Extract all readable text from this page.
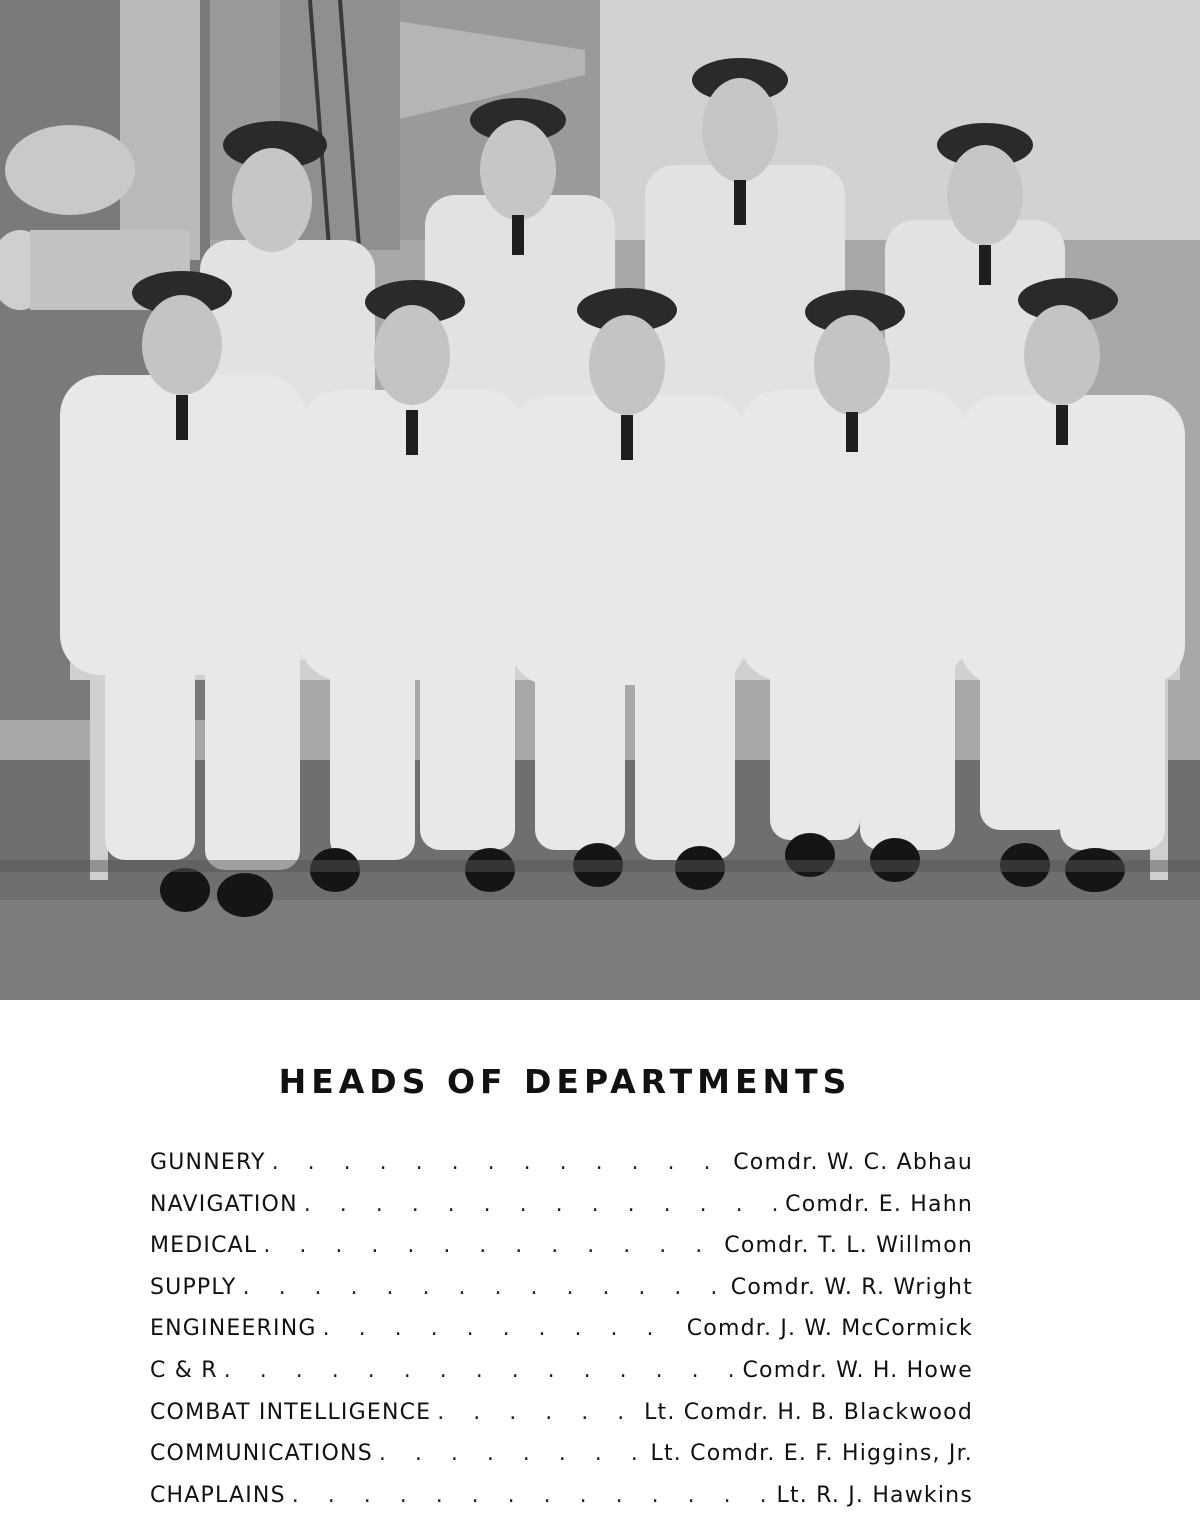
HEADS OF DEPARTMENTS
GUNNERY . . .	Comdr. W. C. Abhau
NAVIGATION . . .	Comdr. E. Hahn
MEDICAL . . .	Comdr. T. L. Willmon
SUPPLY . . .	Comdr. W. R. Wright
ENGINEERING . . .	Comdr. J. W. McCormick
C & R . . .	Comdr. W. H. Howe
COMBAT INTELLIGENCE . . .	Lt. Comdr. H. B. Blackwood
COMMUNICATIONS . . .	Lt. Comdr. E. F. Higgins, Jr.
CHAPLAINS . . .	Lt. R. J. Hawkins
